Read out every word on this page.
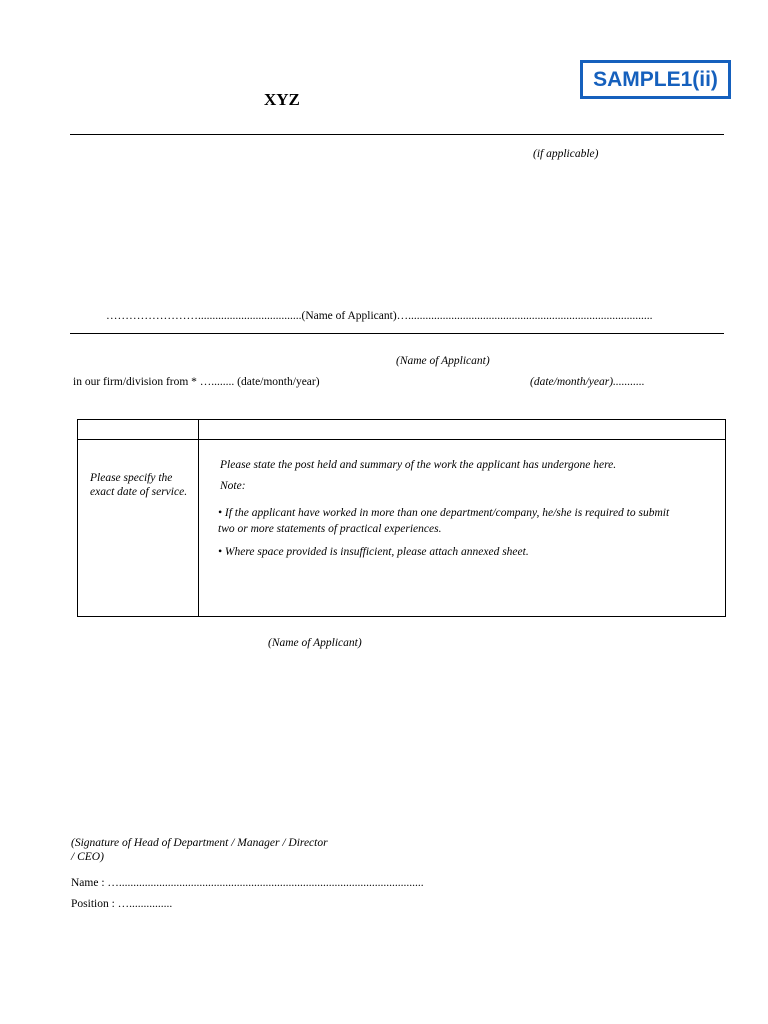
SAMPLE1(ii)
XYZ
(if applicable)
……………………....................................(Name of Applicant)….....................................................................................
(Name of Applicant)
in our firm/division from * …........ (date/month/year)	(date/month/year)...........
Please specify the exact date of service.
Please state the post held and summary of the work the applicant has undergone here.
Note:
• If the applicant have worked in more than one department/company, he/she is required to submit two or more statements of practical experiences.
• Where space provided is insufficient, please attach annexed sheet.
(Name of Applicant)
(Signature of Head of Department / Manager / Director / CEO)
Name : …..........................................................................................................
Position : …...............
